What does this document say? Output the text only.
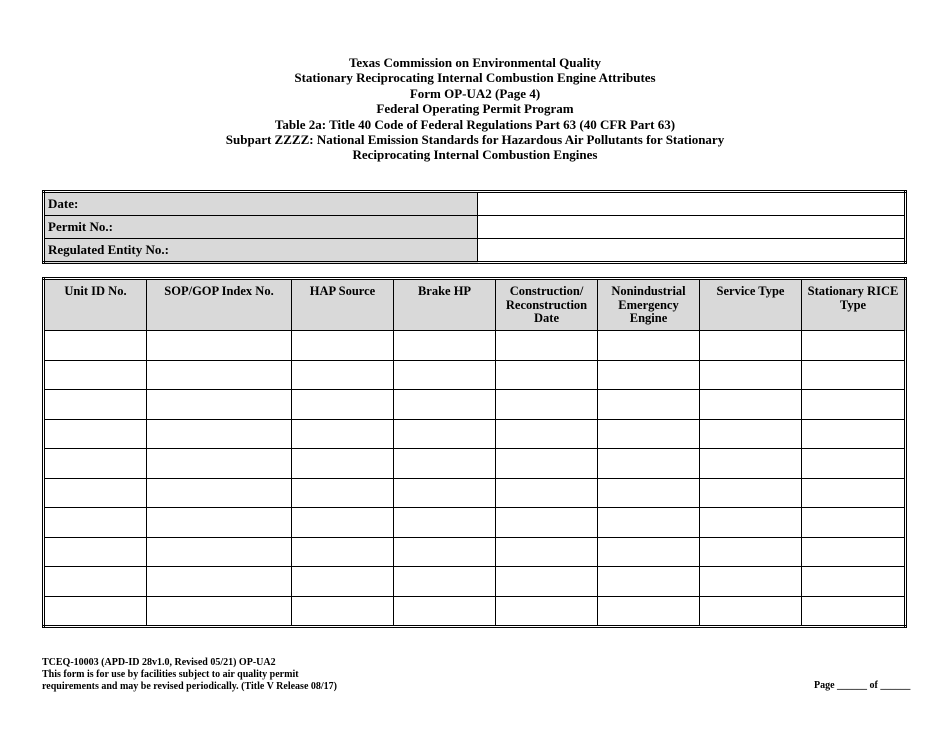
Texas Commission on Environmental Quality
Stationary Reciprocating Internal Combustion Engine Attributes
Form OP-UA2 (Page 4)
Federal Operating Permit Program
Table 2a: Title 40 Code of Federal Regulations Part 63 (40 CFR Part 63)
Subpart ZZZZ: National Emission Standards for Hazardous Air Pollutants for Stationary
Reciprocating Internal Combustion Engines
Date:	
Permit No.:	
Regulated Entity No.:	
Unit ID No.	SOP/GOP Index No.	HAP Source	Brake HP	Construction/ Reconstruction Date	Nonindustrial Emergency Engine	Service Type	Stationary RICE Type

TCEQ-10003 (APD-ID 28v1.0, Revised 05/21) OP-UA2
This form is for use by facilities subject to air quality permit
requirements and may be revised periodically. (Title V Release 08/17)	Page ______ of ______
